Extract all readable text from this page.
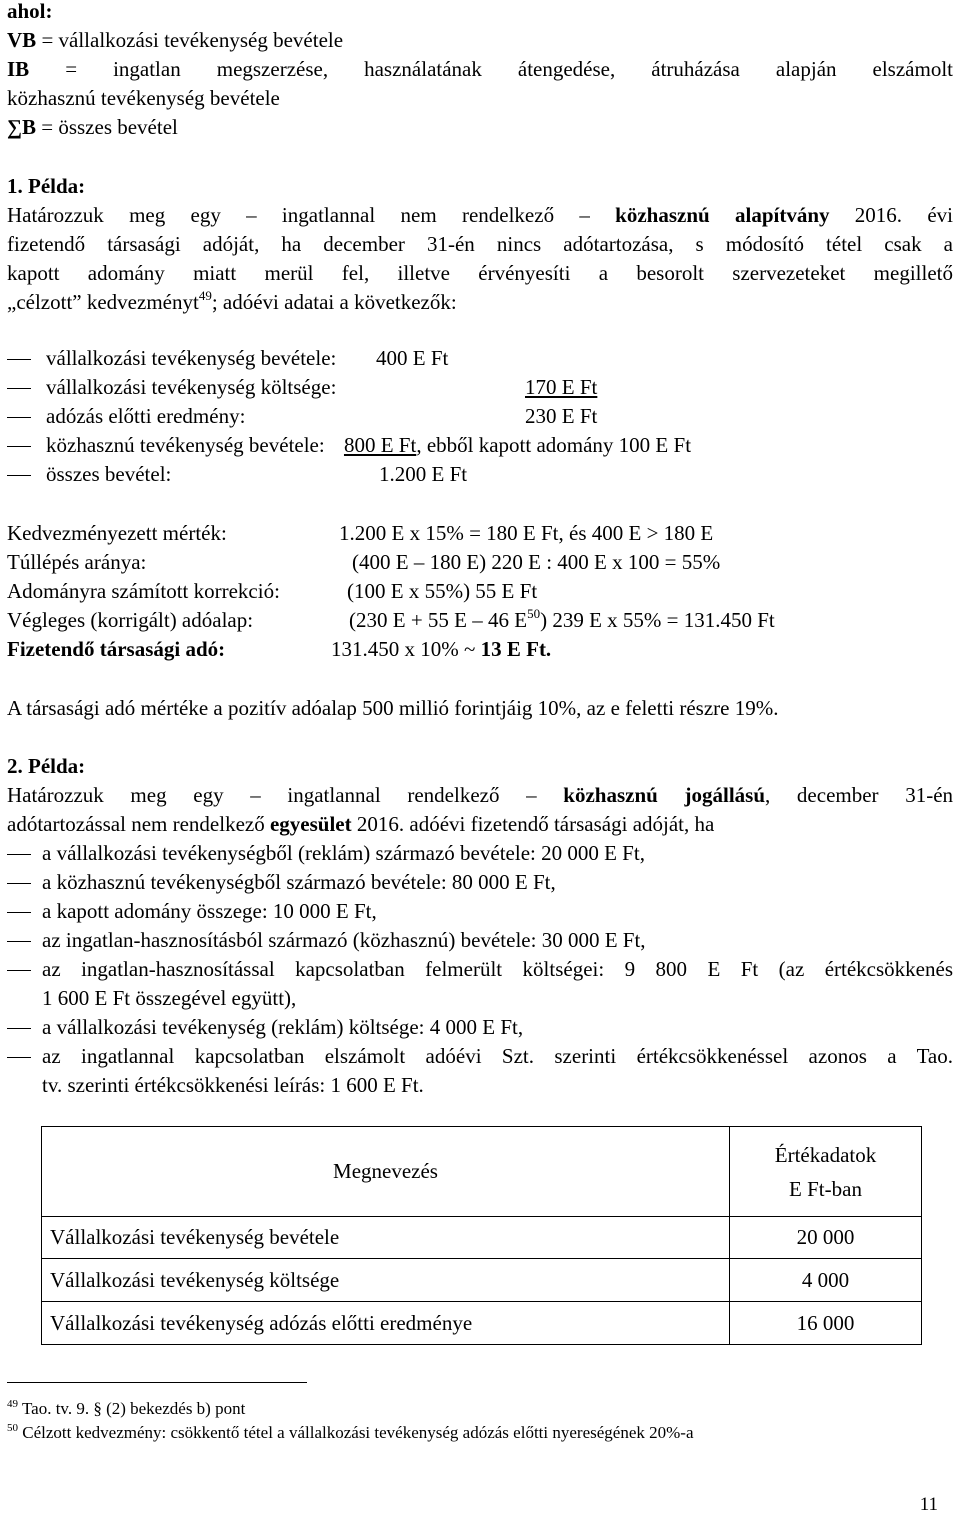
ahol:
VB = vállalkozási tevékenység bevétele
IB = ingatlan megszerzése, használatának átengedése, átruházása alapján elszámolt
közhasznú tevékenység bevétele
∑B = összes bevétel
1. Példa:
Határozzuk meg egy – ingatlannal nem rendelkező – közhasznú alapítvány 2016. évi
fizetendő társasági adóját, ha december 31-én nincs adótartozása, s módosító tétel csak a
kapott adomány miatt merül fel, illetve érvényesíti a besorolt szervezeteket megillető
„célzott” kedvezményt$^{49}$; adóévi adatai a következők:
vállalkozási tevékenység bevétele: 400 E Ft
vállalkozási tevékenység költsége:	170 E Ft
adózás előtti eredmény:	230 E Ft
közhasznú tevékenység bevétele: 800 E Ft, ebből kapott adomány 100 E Ft
összes bevétel:	1.200 E Ft
Kedvezményezett mérték:	1.200 E x 15% = 180 E Ft, és 400 E > 180 E
Túllépés aránya:	(400 E – 180 E) 220 E : 400 E x 100 = 55%
Adományra számított korrekció:	(100 E x 55%) 55 E Ft
Végleges (korrigált) adóalap:	(230 E + 55 E – 46 $E^{50}$) 239 E x 55% = 131.450 Ft
Fizetendő társasági adó:	131.450 x 10% ~ 13 E Ft.
A társasági adó mértéke a pozitív adóalap 500 millió forintjáig 10%, az e feletti részre 19%.
2. Példa:
Határozzuk meg egy – ingatlannal rendelkező – közhasznú jogállású, december 31-én
adótartozással nem rendelkező egyesület 2016. adóévi fizetendő társasági adóját, ha
a vállalkozási tevékenységből (reklám) származó bevétele: 20 000 E Ft,
a közhasznú tevékenységből származó bevétele: 80 000 E Ft,
a kapott adomány összege: 10 000 E Ft,
az ingatlan-hasznosításból származó (közhasznú) bevétele: 30 000 E Ft,
az ingatlan-hasznosítással kapcsolatban felmerült költségei: 9 800 E Ft (az értékcsökkenés
1 600 E Ft összegével együtt),
a vállalkozási tevékenység (reklám) költsége: 4 000 E Ft,
az ingatlannal kapcsolatban elszámolt adóévi Szt. szerinti értékcsökkenéssel azonos a Tao.
tv. szerinti értékcsökkenési leírás: 1 600 E Ft.
Megnevezés	Értékadatok
E Ft-ban
Vállalkozási tevékenység bevétele	20 000
Vállalkozási tevékenység költsége	4 000
Vállalkozási tevékenység adózás előtti eredménye	16 000
$^{49}$ Tao. tv. 9. § (2) bekezdés b) pont
$^{50}$ Célzott kedvezmény: csökkentő tétel a vállalkozási tevékenység adózás előtti nyereségének 20%-a
11
